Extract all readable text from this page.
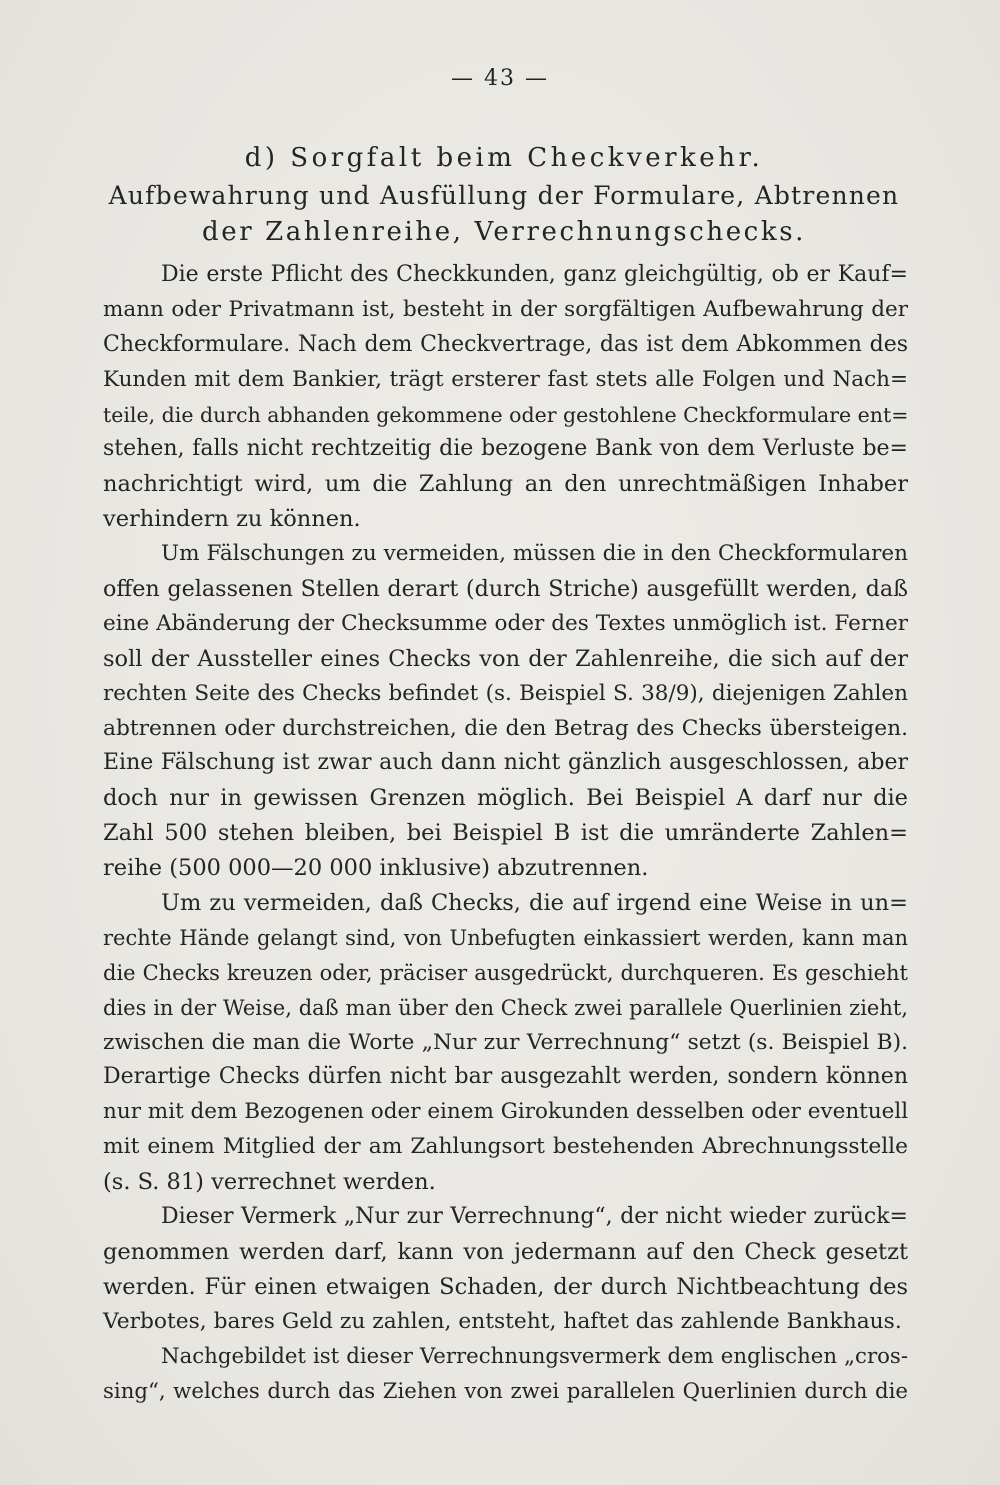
— 43 —
d) Sorgfalt beim Checkverkehr.
Aufbewahrung und Ausfüllung der Formulare, Abtrennen
der Zahlenreihe, Verrechnungschecks.
Die erste Pflicht des Checkkunden, ganz gleichgültig, ob er Kauf=
mann oder Privatmann ist, besteht in der sorgfältigen Aufbewahrung der
Checkformulare. Nach dem Checkvertrage, das ist dem Abkommen des
Kunden mit dem Bankier, trägt ersterer fast stets alle Folgen und Nach=
teile, die durch abhanden gekommene oder gestohlene Checkformulare ent=
stehen, falls nicht rechtzeitig die bezogene Bank von dem Verluste be=
nachrichtigt wird, um die Zahlung an den unrechtmäßigen Inhaber
verhindern zu können.
Um Fälschungen zu vermeiden, müssen die in den Checkformularen
offen gelassenen Stellen derart (durch Striche) ausgefüllt werden, daß
eine Abänderung der Checksumme oder des Textes unmöglich ist. Ferner
soll der Aussteller eines Checks von der Zahlenreihe, die sich auf der
rechten Seite des Checks befindet (s. Beispiel S. 38/9), diejenigen Zahlen
abtrennen oder durchstreichen, die den Betrag des Checks übersteigen.
Eine Fälschung ist zwar auch dann nicht gänzlich ausgeschlossen, aber
doch nur in gewissen Grenzen möglich. Bei Beispiel A darf nur die
Zahl 500 stehen bleiben, bei Beispiel B ist die umränderte Zahlen=
reihe (500 000—20 000 inklusive) abzutrennen.
Um zu vermeiden, daß Checks, die auf irgend eine Weise in un=
rechte Hände gelangt sind, von Unbefugten einkassiert werden, kann man
die Checks kreuzen oder, präciser ausgedrückt, durchqueren. Es geschieht
dies in der Weise, daß man über den Check zwei parallele Querlinien zieht,
zwischen die man die Worte „Nur zur Verrechnung“ setzt (s. Beispiel B).
Derartige Checks dürfen nicht bar ausgezahlt werden, sondern können
nur mit dem Bezogenen oder einem Girokunden desselben oder eventuell
mit einem Mitglied der am Zahlungsort bestehenden Abrechnungsstelle
(s. S. 81) verrechnet werden.
Dieser Vermerk „Nur zur Verrechnung“, der nicht wieder zurück=
genommen werden darf, kann von jedermann auf den Check gesetzt
werden. Für einen etwaigen Schaden, der durch Nichtbeachtung des
Verbotes, bares Geld zu zahlen, entsteht, haftet das zahlende Bankhaus.
Nachgebildet ist dieser Verrechnungsvermerk dem englischen „cros-
sing“, welches durch das Ziehen von zwei parallelen Querlinien durch die
